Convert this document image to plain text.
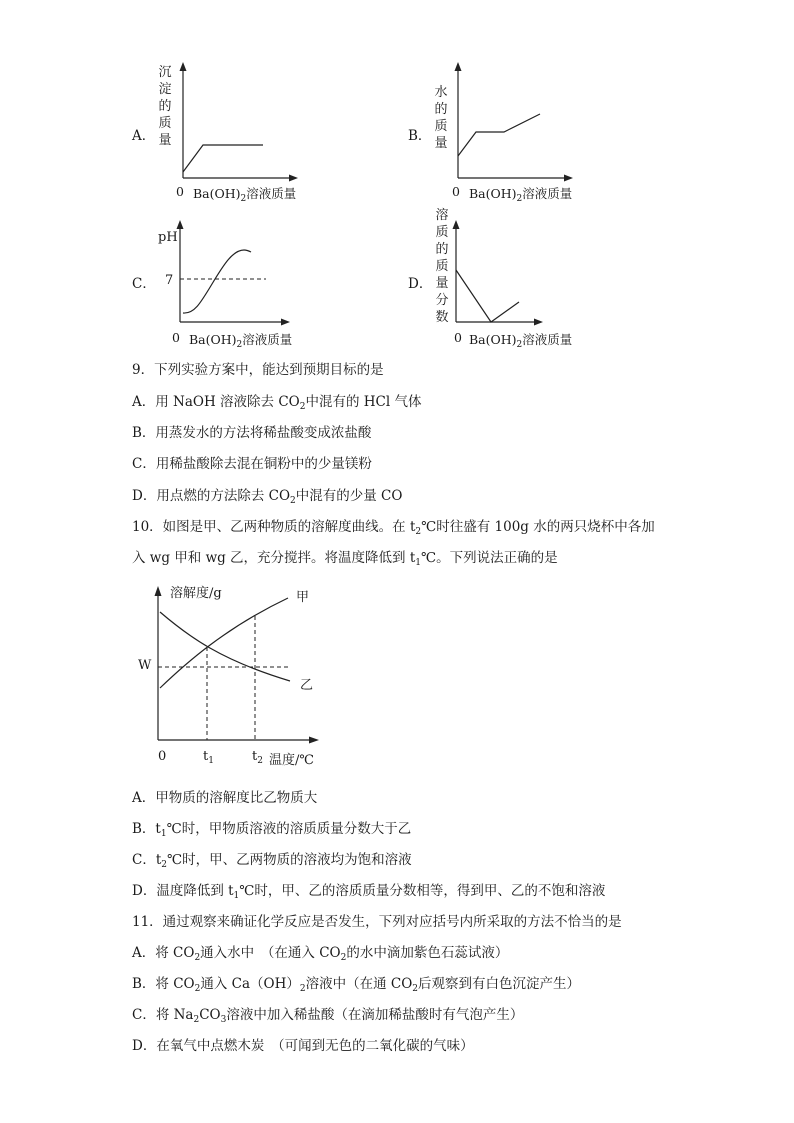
A．
沉淀的质量
0 $Ba(OH)_2$溶液质量
B．
水的质量
0 $Ba(OH)_2$溶液质量
C．
pH
7
0 $Ba(OH)_2$溶液质量
D．
溶质的质量分数
0 $Ba(OH)_2$溶液质量
9．下列实验方案中，能达到预期目标的是
A．用 NaOH 溶液除去 $CO_2$中混有的 HCl 气体
B．用蒸发水的方法将稀盐酸变成浓盐酸
C．用稀盐酸除去混在铜粉中的少量镁粉
D．用点燃的方法除去 $CO_2$中混有的少量 CO
10．如图是甲、乙两种物质的溶解度曲线。在 $t_2℃$时往盛有 100g 水的两只烧杯中各加
入 wg 甲和 wg 乙，充分搅拌。将温度降低到 $t_1℃$。下列说法正确的是
溶解度/g	甲
乙
W
0	$t_1$	$t_2$ 温度/℃
A．甲物质的溶解度比乙物质大
B．$t_1℃$时，甲物质溶液的溶质质量分数大于乙
C．$t_2℃$时，甲、乙两物质的溶液均为饱和溶液
D．温度降低到 $t_1℃$时，甲、乙的溶质质量分数相等，得到甲、乙的不饱和溶液
11．通过观察来确证化学反应是否发生，下列对应括号内所采取的方法不恰当的是
A．将 $CO_2$通入水中　（在通入 $CO_2$的水中滴加紫色石蕊试液）
B．将 $CO_2$通入 $Ca(OH)_2$溶液中（在通 $CO_2$后观察到有白色沉淀产生）
C．将 $Na_2CO_3$溶液中加入稀盐酸（在滴加稀盐酸时有气泡产生）
D．在氧气中点燃木炭　（可闻到无色的二氧化碳的气味）
